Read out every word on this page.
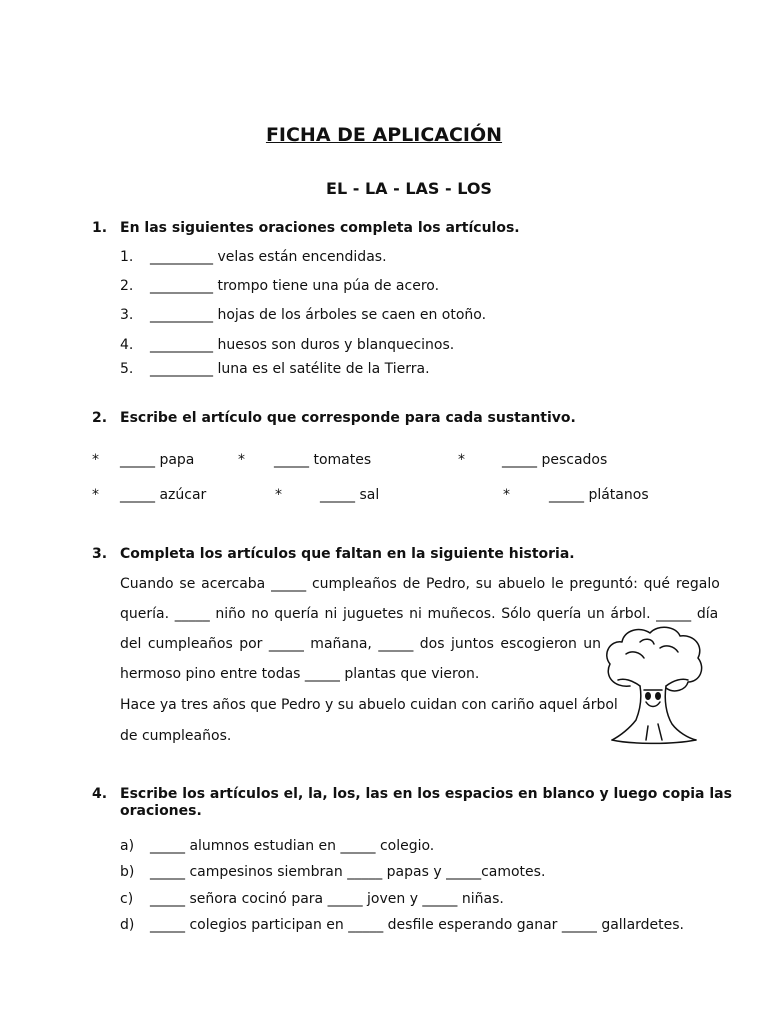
FICHA DE APLICACIÓN
EL - LA - LAS - LOS
1. En las siguientes oraciones completa los artículos.
1. _________ velas están encendidas.
2. _________ trompo tiene una púa de acero.
3. _________ hojas de los árboles se caen en otoño.
4. _________ huesos son duros y blanquecinos.
5. _________ luna es el satélite de la Tierra.
2. Escribe el artículo que corresponde para cada sustantivo.
* _____ papa	* _____ tomates	*	_____ pescados
* _____ azúcar	*	_____ sal	*	_____ plátanos
3. Completa los artículos que faltan en la siguiente historia.
Cuando se acercaba _____ cumpleaños de Pedro, su abuelo le preguntó: qué regalo
quería. _____ niño no quería ni juguetes ni muñecos. Sólo quería un árbol. _____ día
del cumpleaños por _____ mañana, _____ dos juntos escogieron un
hermoso pino entre todas _____ plantas que vieron.
Hace ya tres años que Pedro y su abuelo cuidan con cariño aquel árbol
de cumpleaños.
4. Escribe los artículos el, la, los, las en los espacios en blanco y luego copia las
oraciones.
a) _____ alumnos estudian en _____ colegio.
b) _____ campesinos siembran _____ papas y _____camotes.
c) _____ señora cocinó para _____ joven y _____ niñas.
d) _____ colegios participan en _____ desfile esperando ganar _____ gallardetes.
